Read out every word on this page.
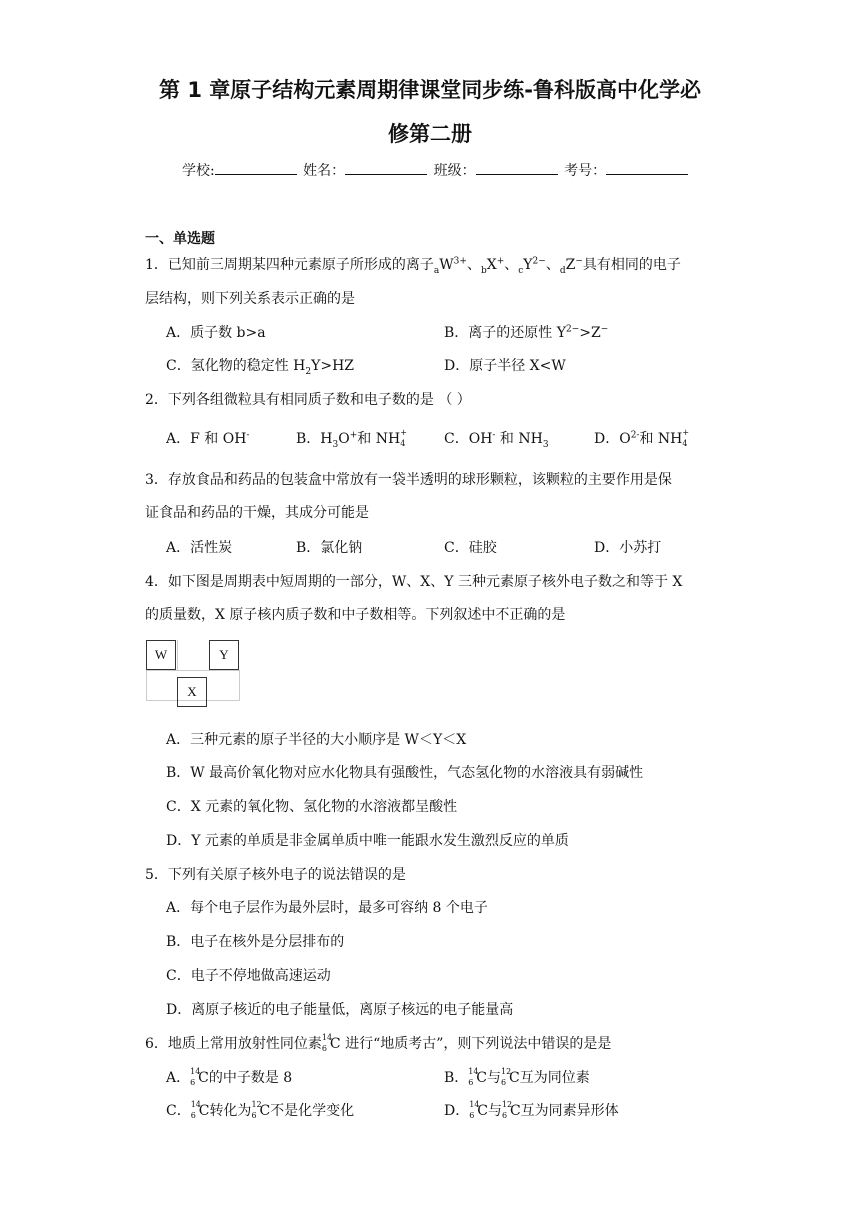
第 1 章原子结构元素周期律课堂同步练-鲁科版高中化学必
修第二册
学校:	姓名：	班级：	考号：
一、单选题
1．已知前三周期某四种元素原子所形成的离子$_aW^{3+}$、$_b$X+、$_cY^{2-}$、$_d$Z−具有相同的电子
层结构，则下列关系表示正确的是
A．质子数 b>a	B．离子的还原性 $Y^{2-}>Z^-$
C．氢化物的稳定性 $H_2Y>HZ$	D．原子半径 X<W
2．下列各组微粒具有相同质子数和电子数的是 （ ）
A．F 和 OH-	B．$H_3O^+$和 NH +
4	C．OH- 和 $NH_3$	D．$O^{2-}$和 NH +
4
3．存放食品和药品的包装盒中常放有一袋半透明的球形颗粒，该颗粒的主要作用是保
证食品和药品的干燥，其成分可能是
A．活性炭	B．氯化钠	C．硅胶	D．小苏打
4．如下图是周期表中短周期的一部分，W、X、Y 三种元素原子核外电子数之和等于 X
的质量数，X 原子核内质子数和中子数相等。下列叙述中不正确的是
W	Y
X
A．三种元素的原子半径的大小顺序是 W＜Y＜X
B．W 最高价氧化物对应水化物具有强酸性，气态氢化物的水溶液具有弱碱性
C．X 元素的氧化物、氢化物的水溶液都呈酸性
D．Y 元素的单质是非金属单质中唯一能跟水发生激烈反应的单质
5．下列有关原子核外电子的说法错误的是
A．每个电子层作为最外层时，最多可容纳 8 个电子
B．电子在核外是分层排布的
C．电子不停地做高速运动
D．离原子核近的电子能量低，离原子核远的电子能量高
6．地质上常用放射性同位素 14
6 C 进行“地质考古”，则下列说法中错误的是是
A． 14
6 C的中子数是 8	B． 14
6 C与 12
6 C互为同位素
C． 14
6 C转化为 12
6 C不是化学变化	D． 14
6 C与 12
6 C互为同素异形体
